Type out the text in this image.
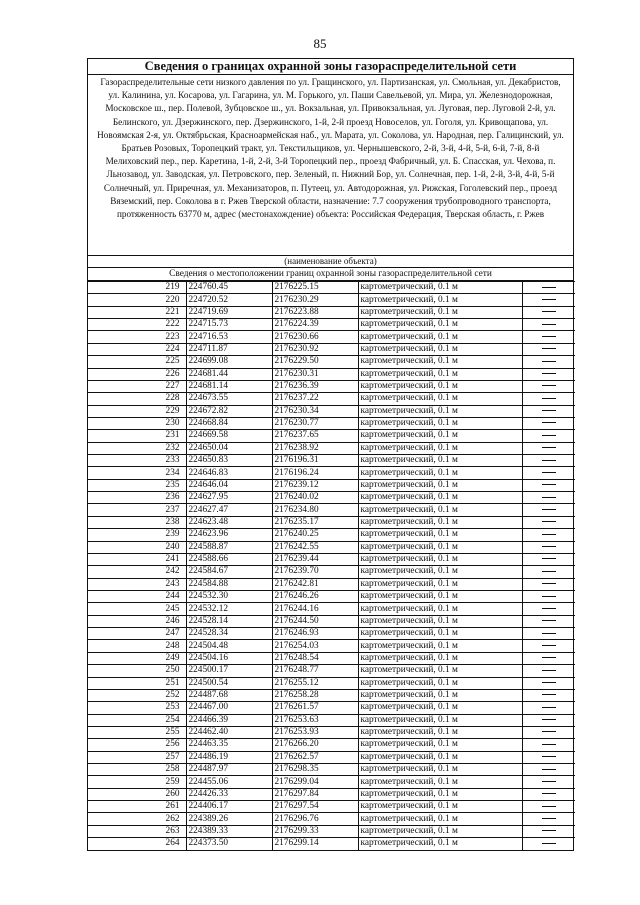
85
Сведения о границах охранной зоны газораспределительной сети
Газораспределительные сети низкого давления по ул. Гращинского, ул. Партизанская, ул. Смольная, ул. Декабристов, ул. Калинина, ул. Косарова, ул. Гагарина, ул. М. Горького, ул. Паши Савельевой, ул. Мира, ул. Железнодорожная, Московское ш., пер. Полевой, Зубцовское ш., ул. Вокзальная, ул. Привокзальная, ул. Луговая, пер. Луговой 2-й, ул. Белинского, ул. Дзержинского, пер. Дзержинского, 1-й, 2-й проезд Новоселов, ул. Гоголя, ул. Кривощапова, ул. Новоямская 2-я, ул. Октябрьская, Красноармейская наб., ул. Марата, ул. Соколова, ул. Народная, пер. Галицинский, ул. Братьев Розовых, Торопецкий тракт, ул. Текстильщиков, ул. Чернышевского, 2-й, 3-й, 4-й, 5-й, 6-й, 7-й, 8-й Мелиховский пер., пер. Каретина, 1-й, 2-й, 3-й Торопецкий пер., проезд Фабричный, ул. Б. Спасская, ул. Чехова, п. Льнозавод, ул. Заводская, ул. Петровского, пер. Зеленый, п. Нижний Бор, ул. Солнечная, пер. 1-й, 2-й, 3-й, 4-й, 5-й Солнечный, ул. Приречная, ул. Механизаторов, п. Путеец, ул. Автодорожная, ул. Рижская, Гоголевский пер., проезд Вяземский, пер. Соколова в г. Ржев Тверской области, назначение: 7.7 сооружения трубопроводного транспорта, протяженность 63770 м, адрес (местонахождение) объекта: Российская Федерация, Тверская область, г. Ржев
(наименование объекта)
Сведения о местоположении границ охранной зоны газораспределительной сети
219	224760.45	2176225.15	картометрический, 0.1 м	
220	224720.52	2176230.29	картометрический, 0.1 м	
221	224719.69	2176223.88	картометрический, 0.1 м	
222	224715.73	2176224.39	картометрический, 0.1 м	
223	224716.53	2176230.66	картометрический, 0.1 м	
224	224711.87	2176230.92	картометрический, 0.1 м	
225	224699.08	2176229.50	картометрический, 0.1 м	
226	224681.44	2176230.31	картометрический, 0.1 м	
227	224681.14	2176236.39	картометрический, 0.1 м	
228	224673.55	2176237.22	картометрический, 0.1 м	
229	224672.82	2176230.34	картометрический, 0.1 м	
230	224668.84	2176230.77	картометрический, 0.1 м	
231	224669.58	2176237.65	картометрический, 0.1 м	
232	224650.04	2176238.92	картометрический, 0.1 м	
233	224650.83	2176196.31	картометрический, 0.1 м	
234	224646.83	2176196.24	картометрический, 0.1 м	
235	224646.04	2176239.12	картометрический, 0.1 м	
236	224627.95	2176240.02	картометрический, 0.1 м	
237	224627.47	2176234.80	картометрический, 0.1 м	
238	224623.48	2176235.17	картометрический, 0.1 м	
239	224623.96	2176240.25	картометрический, 0.1 м	
240	224588.87	2176242.55	картометрический, 0.1 м	
241	224588.66	2176239.44	картометрический, 0.1 м	
242	224584.67	2176239.70	картометрический, 0.1 м	
243	224584.88	2176242.81	картометрический, 0.1 м	
244	224532.30	2176246.26	картометрический, 0.1 м	
245	224532.12	2176244.16	картометрический, 0.1 м	
246	224528.14	2176244.50	картометрический, 0.1 м	
247	224528.34	2176246.93	картометрический, 0.1 м	
248	224504.48	2176254.03	картометрический, 0.1 м	
249	224504.16	2176248.54	картометрический, 0.1 м	
250	224500.17	2176248.77	картометрический, 0.1 м	
251	224500.54	2176255.12	картометрический, 0.1 м	
252	224487.68	2176258.28	картометрический, 0.1 м	
253	224467.00	2176261.57	картометрический, 0.1 м	
254	224466.39	2176253.63	картометрический, 0.1 м	
255	224462.40	2176253.93	картометрический, 0.1 м	
256	224463.35	2176266.20	картометрический, 0.1 м	
257	224486.19	2176262.57	картометрический, 0.1 м	
258	224487.97	2176298.35	картометрический, 0.1 м	
259	224455.06	2176299.04	картометрический, 0.1 м	
260	224426.33	2176297.84	картометрический, 0.1 м	
261	224406.17	2176297.54	картометрический, 0.1 м	
262	224389.26	2176296.76	картометрический, 0.1 м	
263	224389.33	2176299.33	картометрический, 0.1 м	
264	224373.50	2176299.14	картометрический, 0.1 м	
